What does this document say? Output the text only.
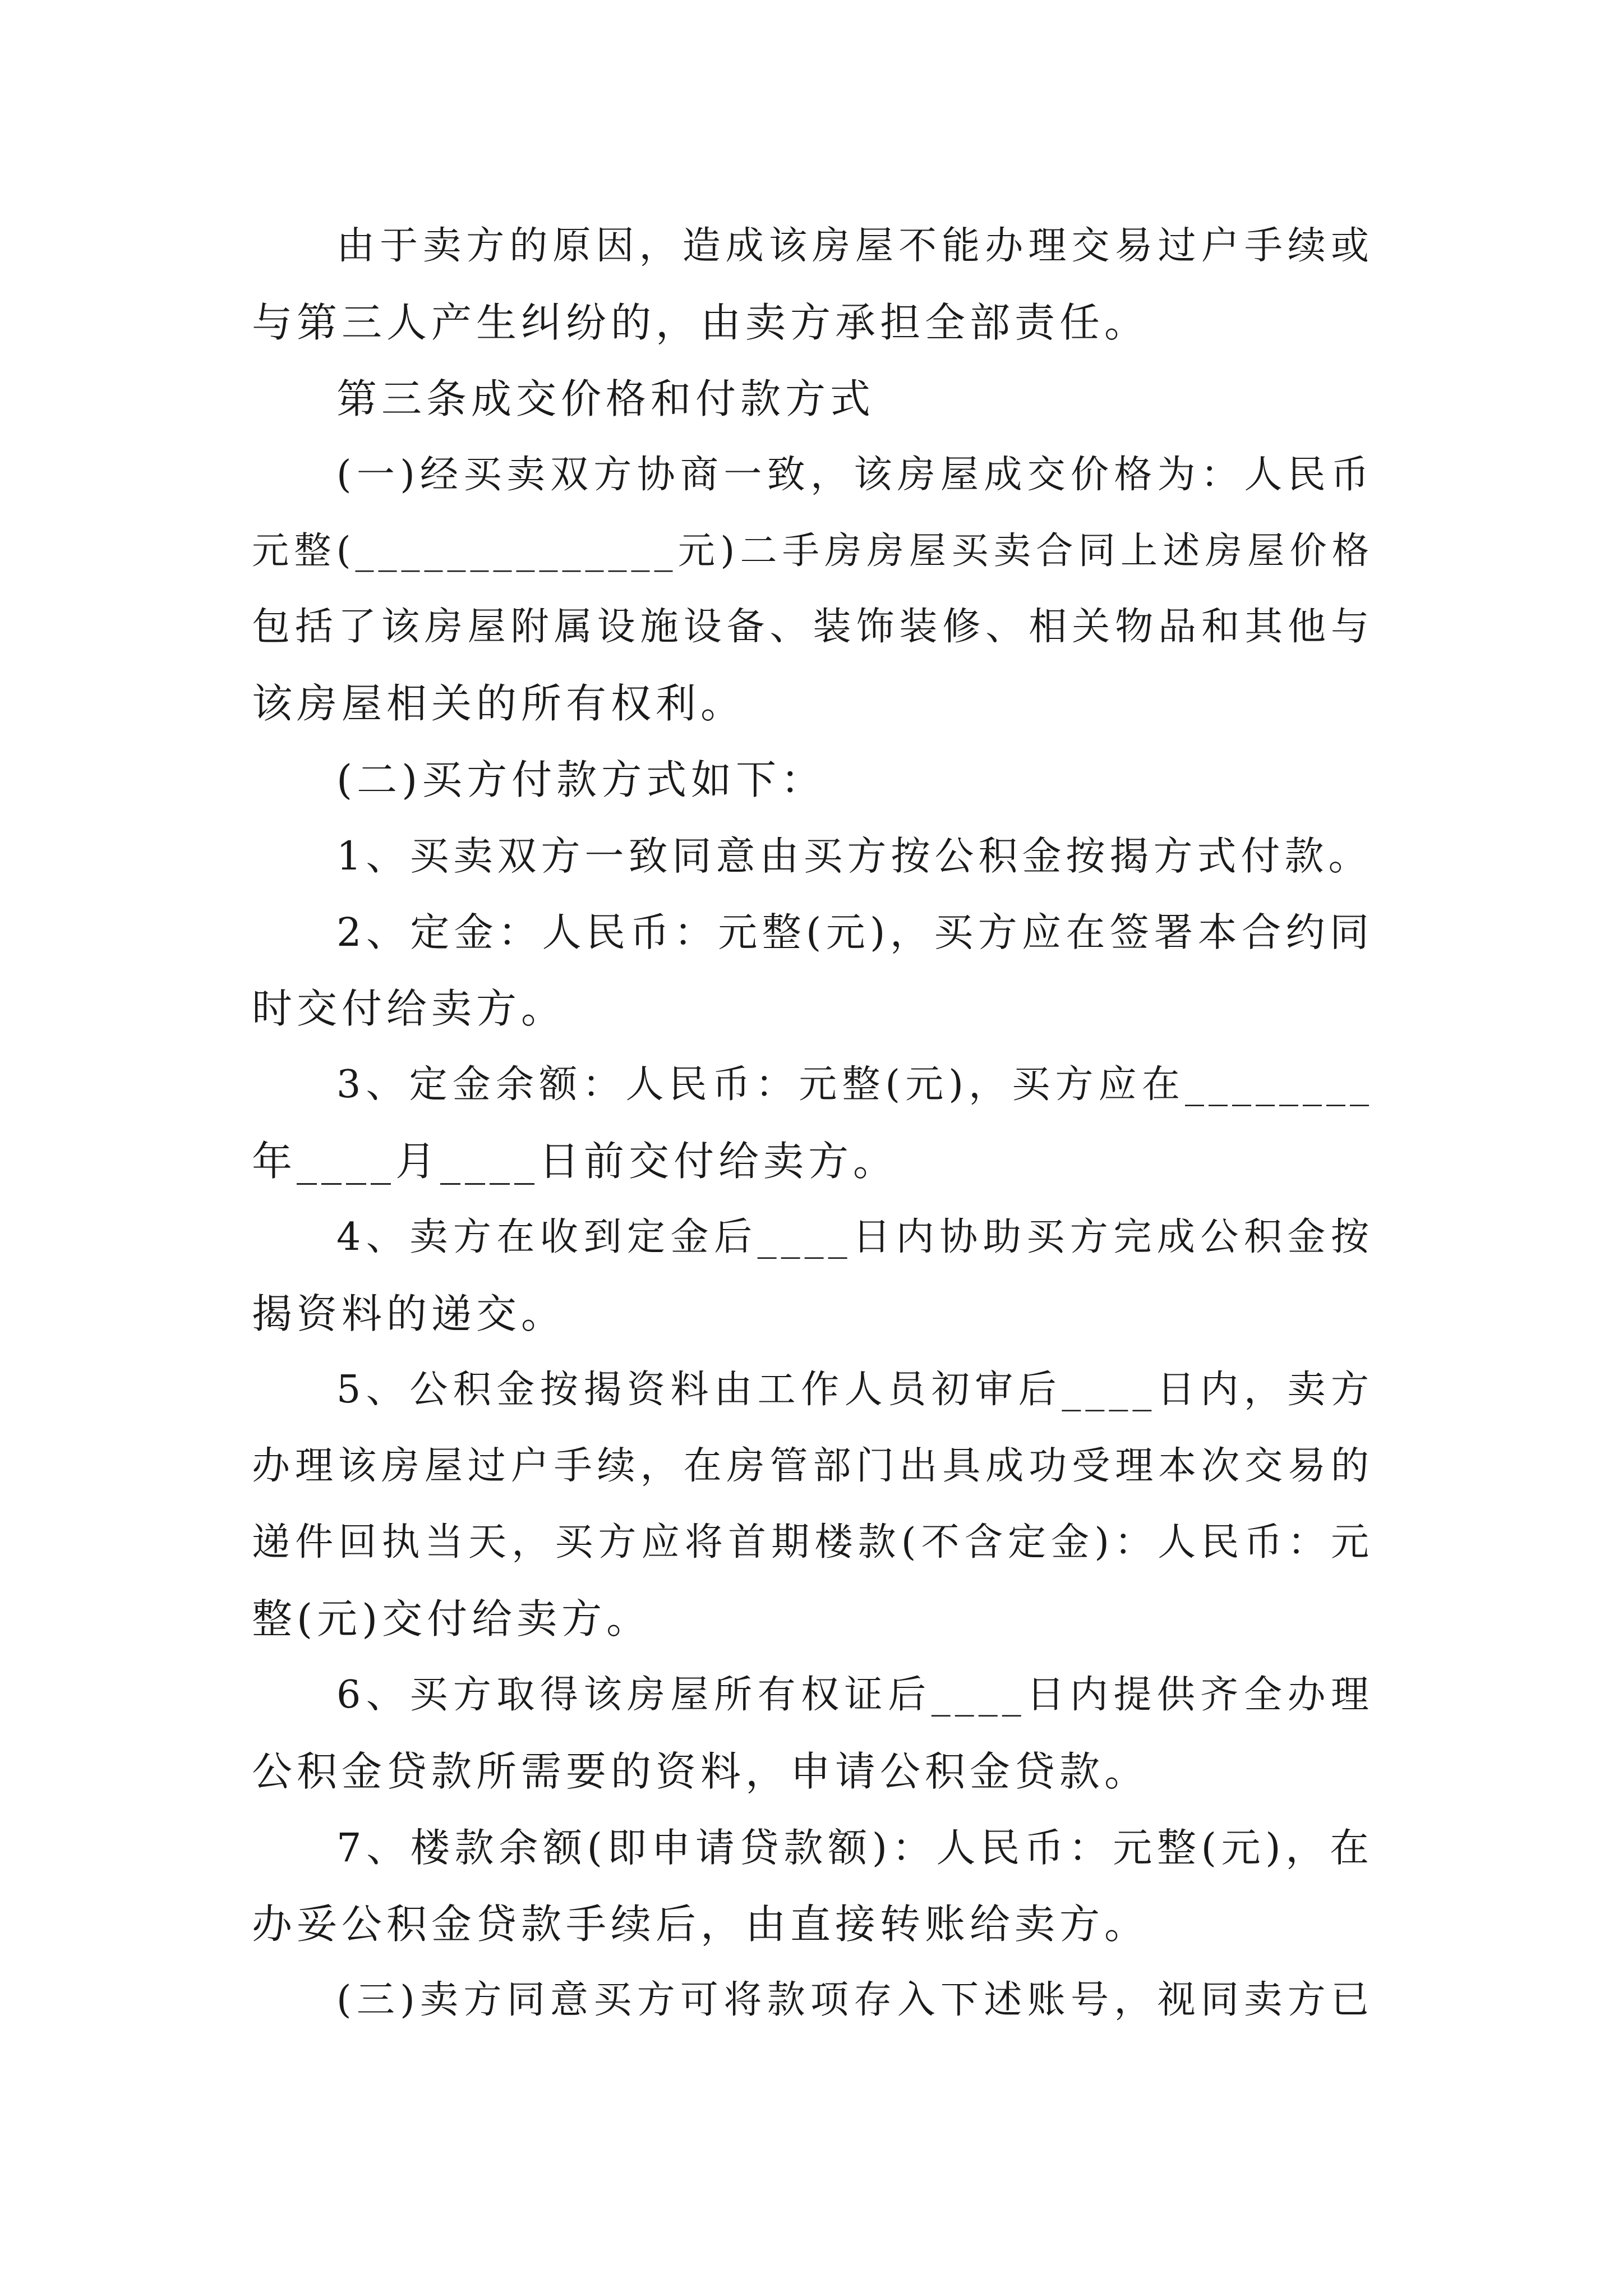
由于卖方的原因，造成该房屋不能办理交易过户手续或
与第三人产生纠纷的，由卖方承担全部责任。
第三条成交价格和付款方式
(一)经买卖双方协商一致，该房屋成交价格为：人民币
元整(______________元)二手房房屋买卖合同上述房屋价格
包括了该房屋附属设施设备、装饰装修、相关物品和其他与
该房屋相关的所有权利。
(二)买方付款方式如下：
1、买卖双方一致同意由买方按公积金按揭方式付款。
2、定金：人民币：元整(元)，买方应在签署本合约同
时交付给卖方。
3、定金余额：人民币：元整(元)，买方应在________
年____月____日前交付给卖方。
4、卖方在收到定金后____日内协助买方完成公积金按
揭资料的递交。
5、公积金按揭资料由工作人员初审后____日内，卖方
办理该房屋过户手续，在房管部门出具成功受理本次交易的
递件回执当天，买方应将首期楼款(不含定金)：人民币：元
整(元)交付给卖方。
6、买方取得该房屋所有权证后____日内提供齐全办理
公积金贷款所需要的资料，申请公积金贷款。
7、楼款余额(即申请贷款额)：人民币：元整(元)，在
办妥公积金贷款手续后，由直接转账给卖方。
(三)卖方同意买方可将款项存入下述账号，视同卖方已
